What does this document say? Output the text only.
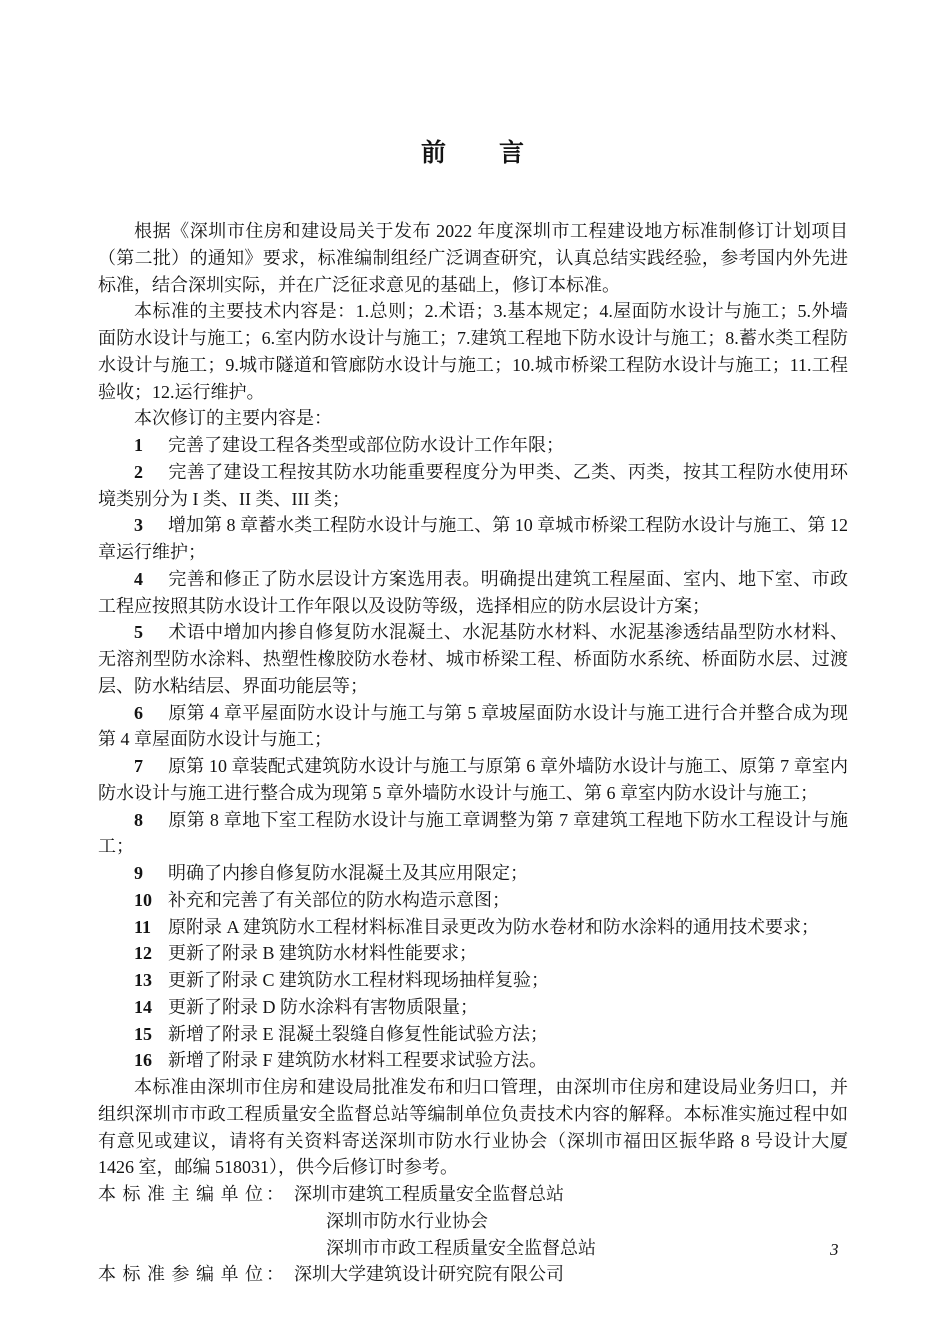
前　　言

根据《深圳市住房和建设局关于发布 2022 年度深圳市工程建设地方标准制修订计划项目（第二批）的通知》要求，标准编制组经广泛调查研究，认真总结实践经验，参考国内外先进标准，结合深圳实际，并在广泛征求意见的基础上，修订本标准。

本标准的主要技术内容是：1.总则；2.术语；3.基本规定；4.屋面防水设计与施工；5.外墙面防水设计与施工；6.室内防水设计与施工；7.建筑工程地下防水设计与施工；8.蓄水类工程防水设计与施工；9.城市隧道和管廊防水设计与施工；10.城市桥梁工程防水设计与施工；11.工程验收；12.运行维护。

本次修订的主要内容是：

1 完善了建设工程各类型或部位防水设计工作年限；

2 完善了建设工程按其防水功能重要程度分为甲类、乙类、丙类，按其工程防水使用环境类别分为 I 类、II 类、III 类；

3 增加第 8 章蓄水类工程防水设计与施工、第 10 章城市桥梁工程防水设计与施工、第 12 章运行维护；

4 完善和修正了防水层设计方案选用表。明确提出建筑工程屋面、室内、地下室、市政工程应按照其防水设计工作年限以及设防等级，选择相应的防水层设计方案；

5 术语中增加内掺自修复防水混凝土、水泥基防水材料、水泥基渗透结晶型防水材料、无溶剂型防水涂料、热塑性橡胶防水卷材、城市桥梁工程、桥面防水系统、桥面防水层、过渡层、防水粘结层、界面功能层等；

6 原第 4 章平屋面防水设计与施工与第 5 章坡屋面防水设计与施工进行合并整合成为现第 4 章屋面防水设计与施工；

7 原第 10 章装配式建筑防水设计与施工与原第 6 章外墙防水设计与施工、原第 7 章室内防水设计与施工进行整合成为现第 5 章外墙防水设计与施工、第 6 章室内防水设计与施工；

8 原第 8 章地下室工程防水设计与施工章调整为第 7 章建筑工程地下防水工程设计与施工；

9 明确了内掺自修复防水混凝土及其应用限定；

10 补充和完善了有关部位的防水构造示意图；

11 原附录 A 建筑防水工程材料标准目录更改为防水卷材和防水涂料的通用技术要求；

12 更新了附录 B 建筑防水材料性能要求；

13 更新了附录 C 建筑防水工程材料现场抽样复验；

14 更新了附录 D 防水涂料有害物质限量；

15 新增了附录 E 混凝土裂缝自修复性能试验方法；

16 新增了附录 F 建筑防水材料工程要求试验方法。

本标准由深圳市住房和建设局批准发布和归口管理，由深圳市住房和建设局业务归口，并组织深圳市市政工程质量安全监督总站等编制单位负责技术内容的解释。本标准实施过程中如有意见或建议，请将有关资料寄送深圳市防水行业协会（深圳市福田区振华路 8 号设计大厦 1426 室，邮编 518031），供今后修订时参考。

本 标 准 主 编 单 位 ： 深圳市建筑工程质量安全监督总站

深圳市防水行业协会

深圳市市政工程质量安全监督总站

本 标 准 参 编 单 位 ： 深圳大学建筑设计研究院有限公司

3
